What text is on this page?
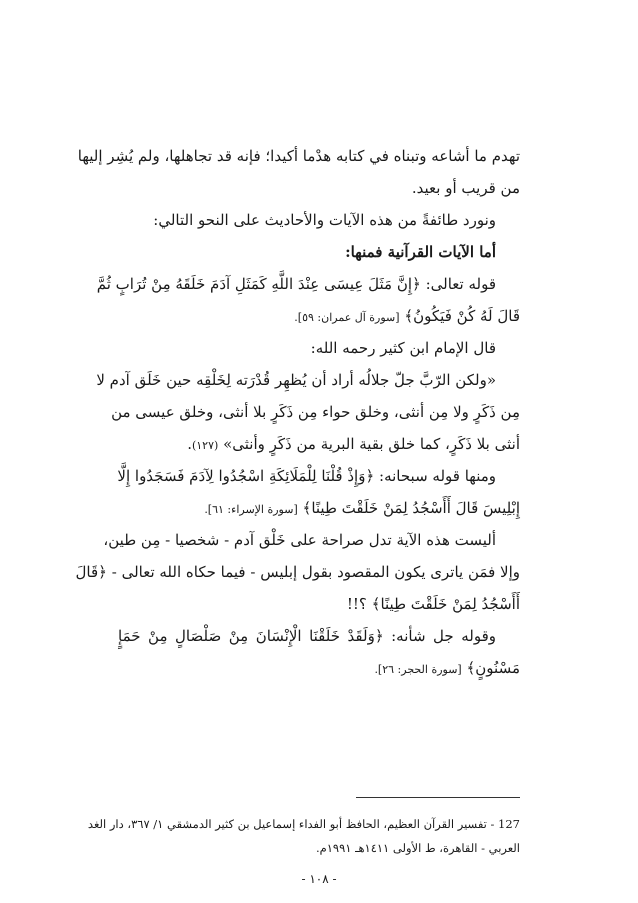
تهدم ما أشاعه وتبناه في كتابه هدْما أكيدا؛ فإنه قد تجاهلها، ولم يُشِر إليها
من قريب أو بعيد.
ونورد طائفةً من هذه الآيات والأحاديث على النحو التالي:
أما الآيات القرآنية فمنها:
قوله تعالى: ﴿إِنَّ مَثَلَ عِيسَى عِنْدَ اللَّهِ كَمَثَلِ آدَمَ خَلَقَهُ مِنْ تُرَابٍ ثُمَّ
قَالَ لَهُ كُنْ فَيَكُونُ﴾ [سورة آل عمران: ٥٩].
قال الإمام ابن كثير رحمه الله:
«ولكن الرّبَّ جلّ جلالُه أراد أن يُظهِر قُدْرَته لِخَلْقِه حين خَلَق آدم لا
مِن ذَكَرٍ ولا مِن أنثى، وخلق حواء مِن ذَكَرٍ بلا أنثى، وخلق عيسى من
أنثى بلا ذَكَرٍ، كما خلق بقية البرية من ذَكَرٍ وأنثى» (١٢٧).
ومنها قوله سبحانه: ﴿وَإِذْ قُلْنَا لِلْمَلَائِكَةِ اسْجُدُوا لِآدَمَ فَسَجَدُوا إِلَّا
إِبْلِيسَ قَالَ أَأَسْجُدُ لِمَنْ خَلَقْتَ طِينًا﴾ [سورة الإسراء: ٦١].
أليست هذه الآية تدل صراحة على خَلْق آدم - شخصيا - مِن طين،
وإلا فمَن ياترى يكون المقصود بقول إبليس - فيما حكاه الله تعالى - ﴿قَالَ
أَأَسْجُدُ لِمَنْ خَلَقْتَ طِينًا﴾ ؟!!
وقوله جل شأنه: ﴿وَلَقَدْ خَلَقْنَا الْإِنْسَانَ مِنْ صَلْصَالٍ مِنْ حَمَإٍ
مَسْنُونٍ﴾ [سورة الحجر: ٢٦].
127 - تفسير القرآن العظيم، الحافظ أبو الفداء إسماعيل بن كثير الدمشقي ١/ ٣٦٧، دار الغد
العربي - القاهرة، ط الأولى ١٤١١هـ ١٩٩١م.
- ١٠٨ -
